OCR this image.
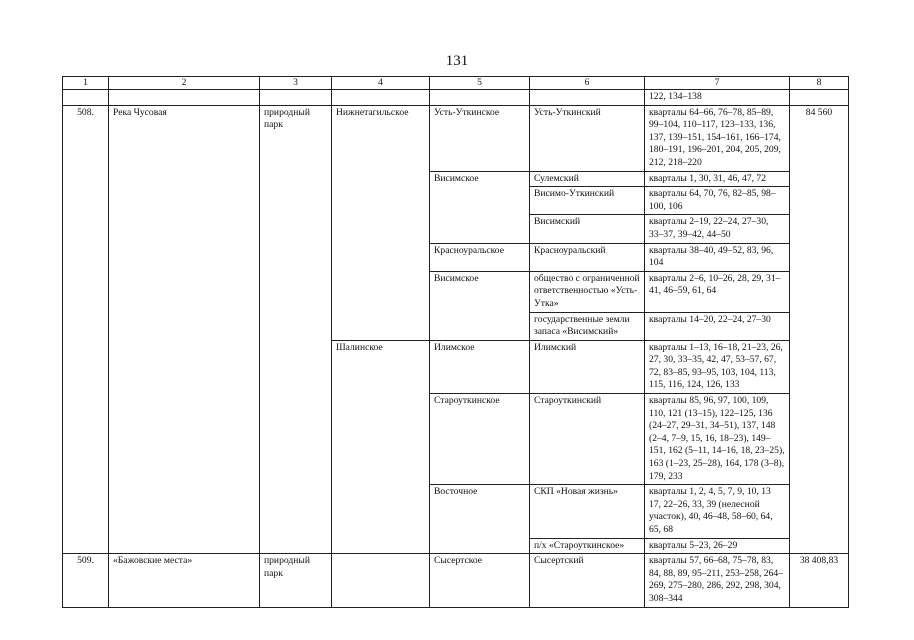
131
1	2	3	4	5	6	7	8
						122, 134–138	
508.	Река Чусовая	природный парк	Нижнетагильское	Усть-Уткинское	Усть-Уткинский	кварталы 64–66, 76–78, 85–89, 99–104, 110–117, 123–133, 136, 137, 139–151, 154–161, 166–174, 180–191, 196–201, 204, 205, 209, 212, 218–220	84 560
				Висимское	Сулемский	кварталы 1, 30, 31, 46, 47, 72	
					Висимо-Уткинский	кварталы 64, 70, 76, 82–85, 98–100, 106	
					Висимский	кварталы 2–19, 22–24, 27–30, 33–37, 39–42, 44–50	
				Красноуральское	Красноуральский	кварталы 38–40, 49–52, 83, 96, 104	
				Висимское	общество с ограниченной ответственностью «Усть-Утка»	кварталы 2–6, 10–26, 28, 29, 31–41, 46–59, 61, 64	
					государственные земли запаса «Висимский»	кварталы 14–20, 22–24, 27–30	
			Шалинское	Илимское	Илимский	кварталы 1–13, 16–18, 21–23, 26, 27, 30, 33–35, 42, 47, 53–57, 67, 72, 83–85, 93–95, 103, 104, 113, 115, 116, 124, 126, 133	
				Староуткинское	Староуткинский	кварталы 85, 96, 97, 100, 109, 110, 121 (13–15), 122–125, 136 (24–27, 29–31, 34–51), 137, 148 (2–4, 7–9, 15, 16, 18–23), 149–151, 162 (5–11, 14–16, 18, 23–25), 163 (1–23, 25–28), 164, 178 (3–8), 179, 233	
				Восточное	СКП «Новая жизнь»	кварталы 1, 2, 4, 5, 7, 9, 10, 13 17, 22–26, 33, 39 (нелесной участок), 40, 46–48, 58–60, 64, 65, 68	
					п/х «Староуткинское»	кварталы 5–23, 26–29	
509.	«Бажовские места»	природный парк		Сысертское	Сысертский	кварталы 57, 66–68, 75–78, 83, 84, 88, 89, 95–211, 253–258, 264–269, 275–280, 286, 292, 298, 304, 308–344	38 408,83
